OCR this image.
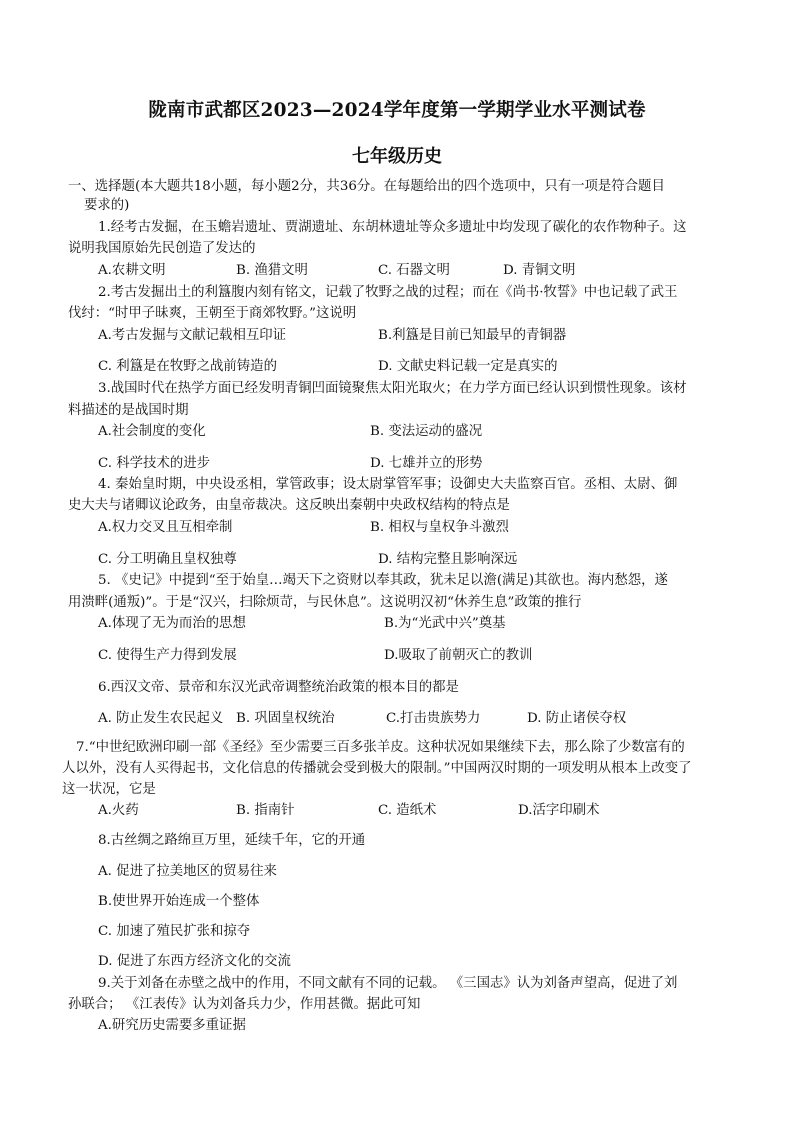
陇南市武都区2023—2024学年度第一学期学业水平测试卷
七年级历史
一、选择题(本大题共18小题，每小题2分，共36分。在每题给出的四个选项中，只有一项是符合题目
要求的)
1.经考古发掘，在玉蟾岩遗址、贾湖遗址、东胡林遗址等众多遗址中均发现了碳化的农作物种子。这
说明我国原始先民创造了发达的
A.农耕文明	B. 渔猎文明	C. 石器文明	D. 青铜文明
2.考古发掘出土的利簋腹内刻有铭文，记载了牧野之战的过程；而在《尚书·牧誓》中也记载了武王
伐纣：“时甲子昧爽，王朝至于商郊牧野。”这说明
A.考古发掘与文献记载相互印证	B.利簋是目前已知最早的青铜器
C. 利簋是在牧野之战前铸造的	D. 文献史料记载一定是真实的
3.战国时代在热学方面已经发明青铜凹面镜聚焦太阳光取火；在力学方面已经认识到惯性现象。该材
料描述的是战国时期
A.社会制度的变化	B. 变法运动的盛况
C. 科学技术的进步	D. 七雄并立的形势
4. 秦始皇时期，中央设丞相，掌管政事；设太尉掌管军事；设御史大夫监察百官。丞相、太尉、御
史大夫与诸卿议论政务，由皇帝裁决。这反映出秦朝中央政权结构的特点是
A.权力交叉且互相牵制	B. 相权与皇权争斗激烈
C. 分工明确且皇权独尊	D. 结构完整且影响深远
5. 《史记》中提到“至于始皇…竭天下之资财以奉其政，犹未足以澹(满足)其欲也。海内愁怨，遂
用溃畔(通叛)”。于是“汉兴，扫除烦苛，与民休息”。这说明汉初“休养生息”政策的推行
A.体现了无为而治的思想	B.为“光武中兴”奠基
C. 使得生产力得到发展	D.吸取了前朝灭亡的教训
6.西汉文帝、景帝和东汉光武帝调整统治政策的根本目的都是
A. 防止发生农民起义 B. 巩固皇权统治	C.打击贵族势力	D. 防止诸侯夺权
7.“中世纪欧洲印刷一部《圣经》至少需要三百多张羊皮。这种状况如果继续下去，那么除了少数富有的
人以外，没有人买得起书，文化信息的传播就会受到极大的限制。”中国两汉时期的一项发明从根本上改变了
这一状况，它是
A.火药	B. 指南针	C. 造纸术	D.活字印刷术
8.古丝绸之路绵亘万里，延续千年，它的开通
A. 促进了拉美地区的贸易往来
B.使世界开始连成一个整体
C. 加速了殖民扩张和掠夺
D. 促进了东西方经济文化的交流
9.关于刘备在赤壁之战中的作用，不同文献有不同的记载。 《三国志》认为刘备声望高，促进了刘
孙联合； 《江表传》认为刘备兵力少，作用甚微。据此可知
A.研究历史需要多重证据
